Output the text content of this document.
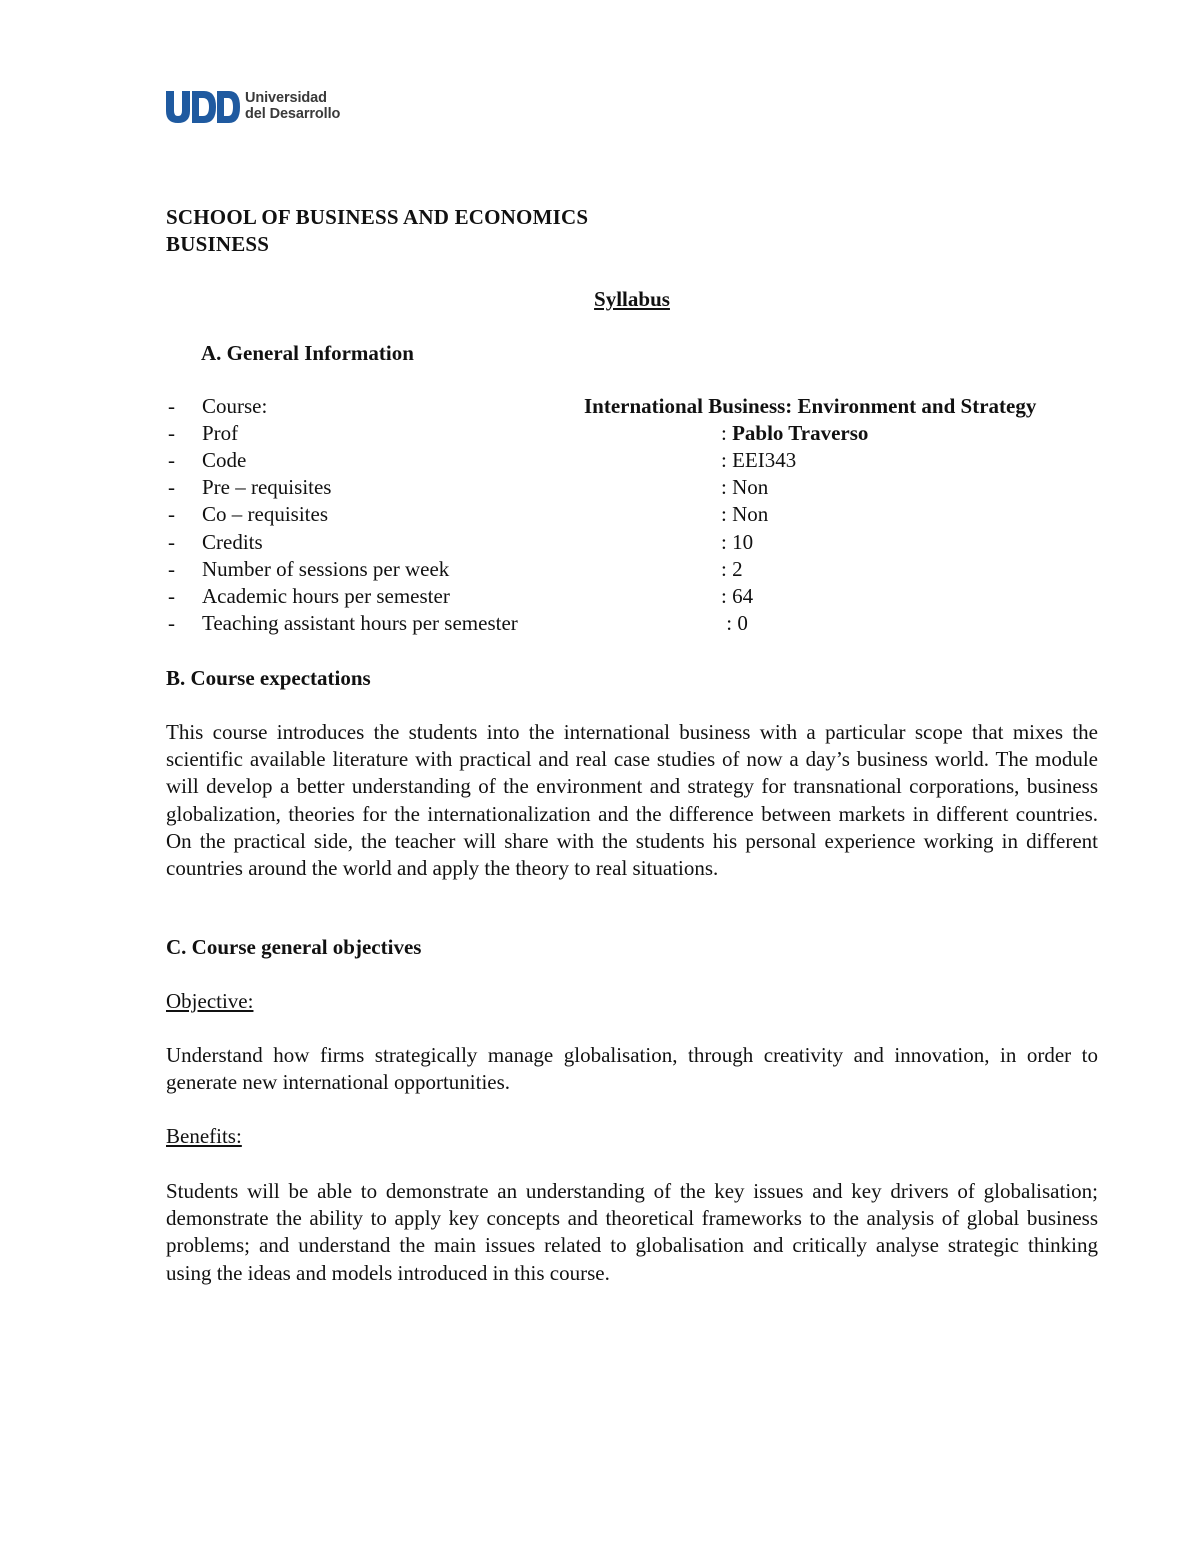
Universidad
del Desarrollo
SCHOOL OF BUSINESS AND ECONOMICS
BUSINESS
Syllabus
A. General Information
- Course:	International Business: Environment and Strategy
- Prof	: Pablo Traverso
- Code	: EEI343
- Pre – requisites	: Non
- Co – requisites	: Non
- Credits	: 10
- Number of sessions per week	: 2
- Academic hours per semester	: 64
- Teaching assistant hours per semester	: 0
B. Course expectations
This course introduces the students into the international business with a particular scope that mixes the scientific available literature with practical and real case studies of now a day’s business world. The module will develop a better understanding of the environment and strategy for transnational corporations, business globalization, theories for the internationalization and the difference between markets in different countries. On the practical side, the teacher will share with the students his personal experience working in different countries around the world and apply the theory to real situations.
C. Course general objectives
Objective:
Understand how firms strategically manage globalisation, through creativity and innovation, in order to generate new international opportunities.
Benefits:
Students will be able to demonstrate an understanding of the key issues and key drivers of globalisation; demonstrate the ability to apply key concepts and theoretical frameworks to the analysis of global business problems; and understand the main issues related to globalisation and critically analyse strategic thinking using the ideas and models introduced in this course.
